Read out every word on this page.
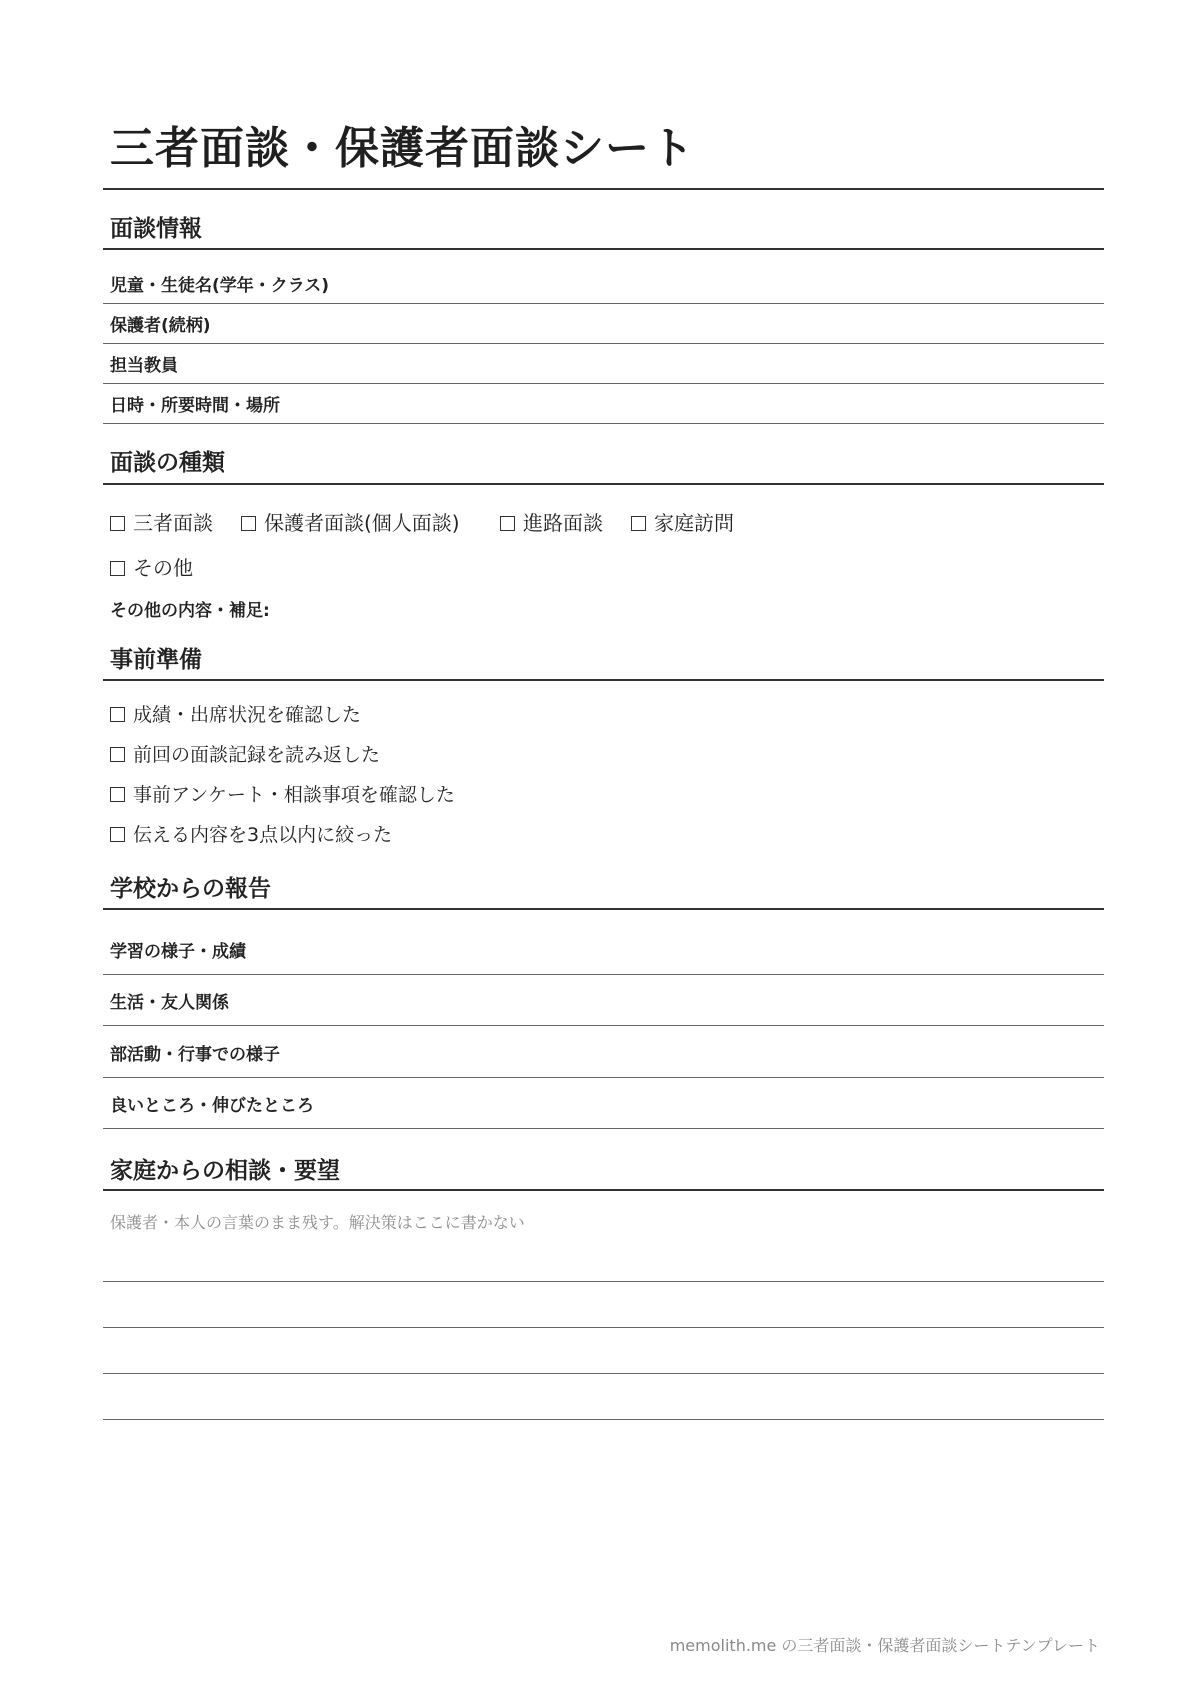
三者面談・保護者面談シート
面談情報
児童・生徒名(学年・クラス)
保護者(続柄)
担当教員
日時・所要時間・場所
面談の種類
三者面談	保護者面談(個人面談)	進路面談	家庭訪問
その他
その他の内容・補足:
事前準備
成績・出席状況を確認した
前回の面談記録を読み返した
事前アンケート・相談事項を確認した
伝える内容を3点以内に絞った
学校からの報告
学習の様子・成績
生活・友人関係
部活動・行事での様子
良いところ・伸びたところ
家庭からの相談・要望
保護者・本人の言葉のまま残す。解決策はここに書かない
memolith.me の三者面談・保護者面談シートテンプレート
